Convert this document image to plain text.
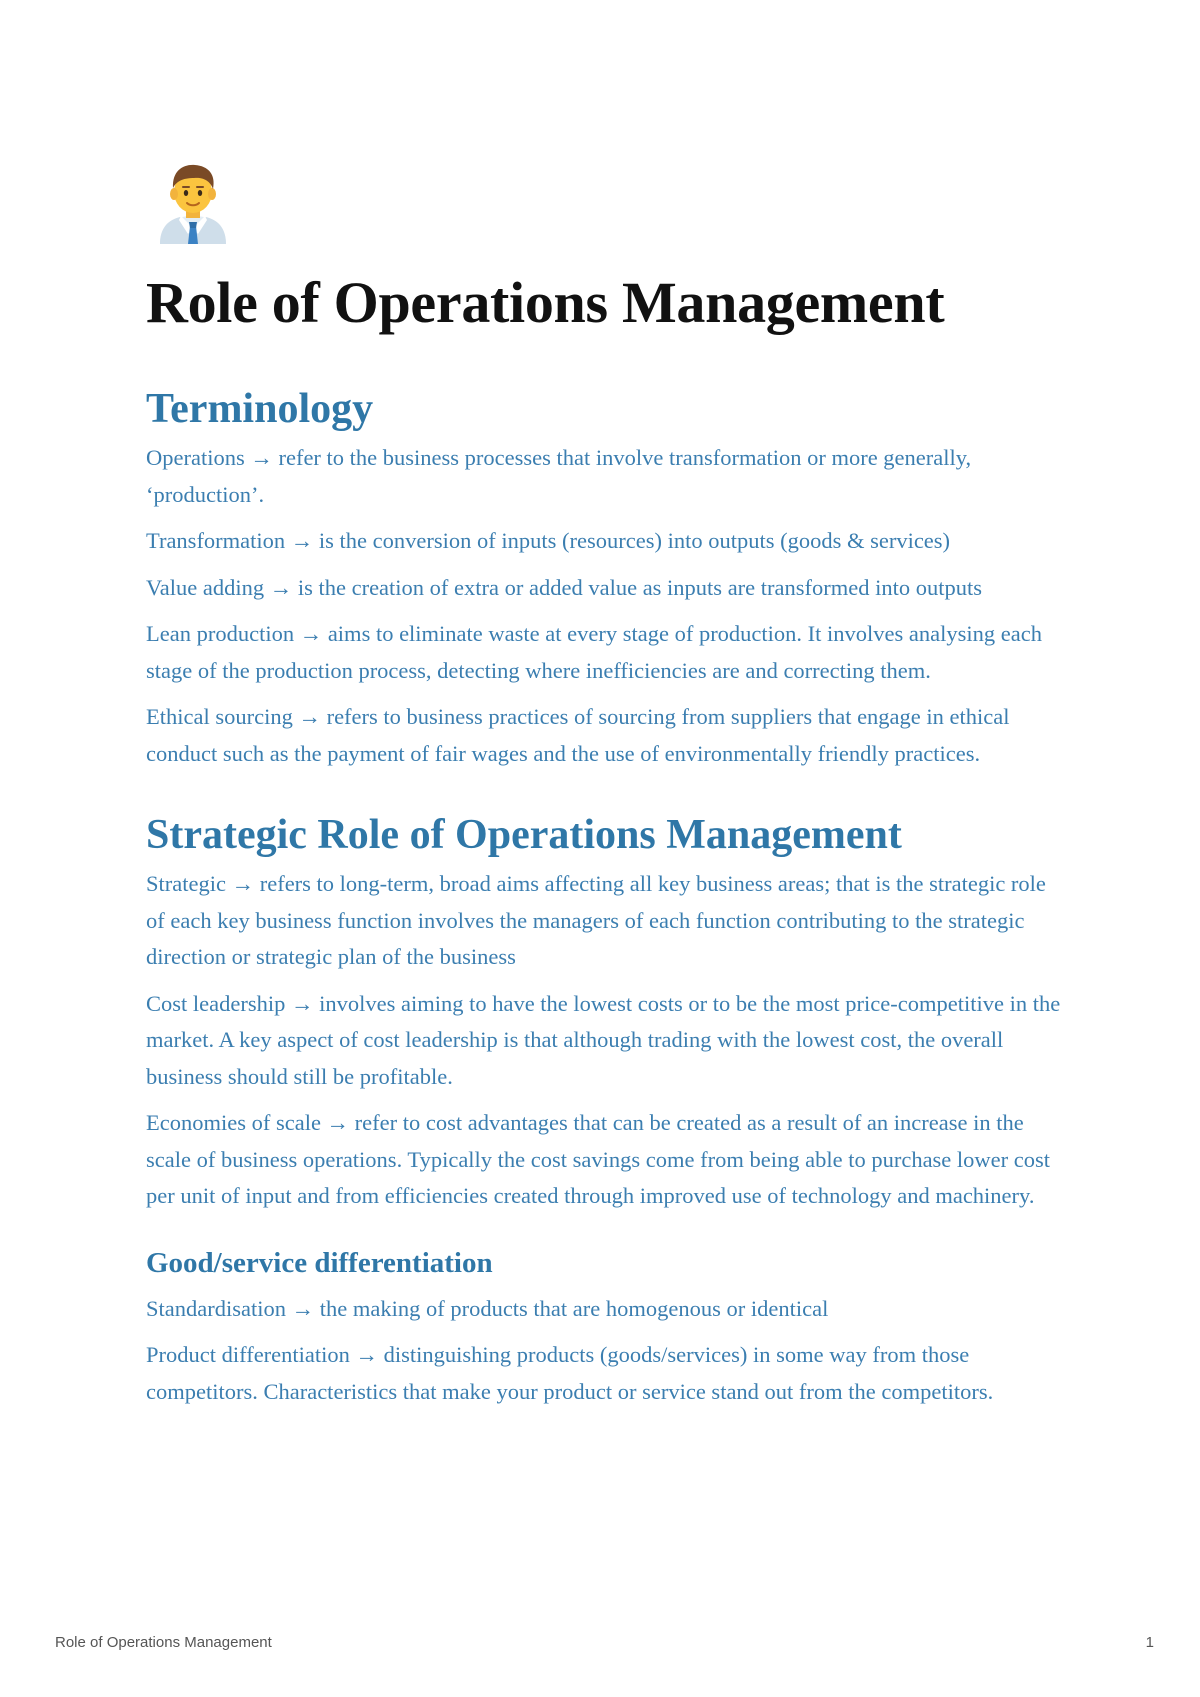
Role of Operations Management
Terminology

Operations → refer to the business processes that involve transformation or more generally, ‘production’.

Transformation → is the conversion of inputs (resources) into outputs (goods & services)

Value adding → is the creation of extra or added value as inputs are transformed into outputs

Lean production → aims to eliminate waste at every stage of production. It involves analysing each stage of the production process, detecting where inefficiencies are and correcting them.

Ethical sourcing → refers to business practices of sourcing from suppliers that engage in ethical conduct such as the payment of fair wages and the use of environmentally friendly practices.

Strategic Role of Operations Management

Strategic → refers to long-term, broad aims affecting all key business areas; that is the strategic role of each key business function involves the managers of each function contributing to the strategic direction or strategic plan of the business

Cost leadership → involves aiming to have the lowest costs or to be the most price-competitive in the market. A key aspect of cost leadership is that although trading with the lowest cost, the overall business should still be profitable.

Economies of scale → refer to cost advantages that can be created as a result of an increase in the scale of business operations. Typically the cost savings come from being able to purchase lower cost per unit of input and from efficiencies created through improved use of technology and machinery.

Good/service differentiation

Standardisation → the making of products that are homogenous or identical

Product differentiation → distinguishing products (goods/services) in some way from those competitors. Characteristics that make your product or service stand out from the competitors.

Role of Operations Management	1
